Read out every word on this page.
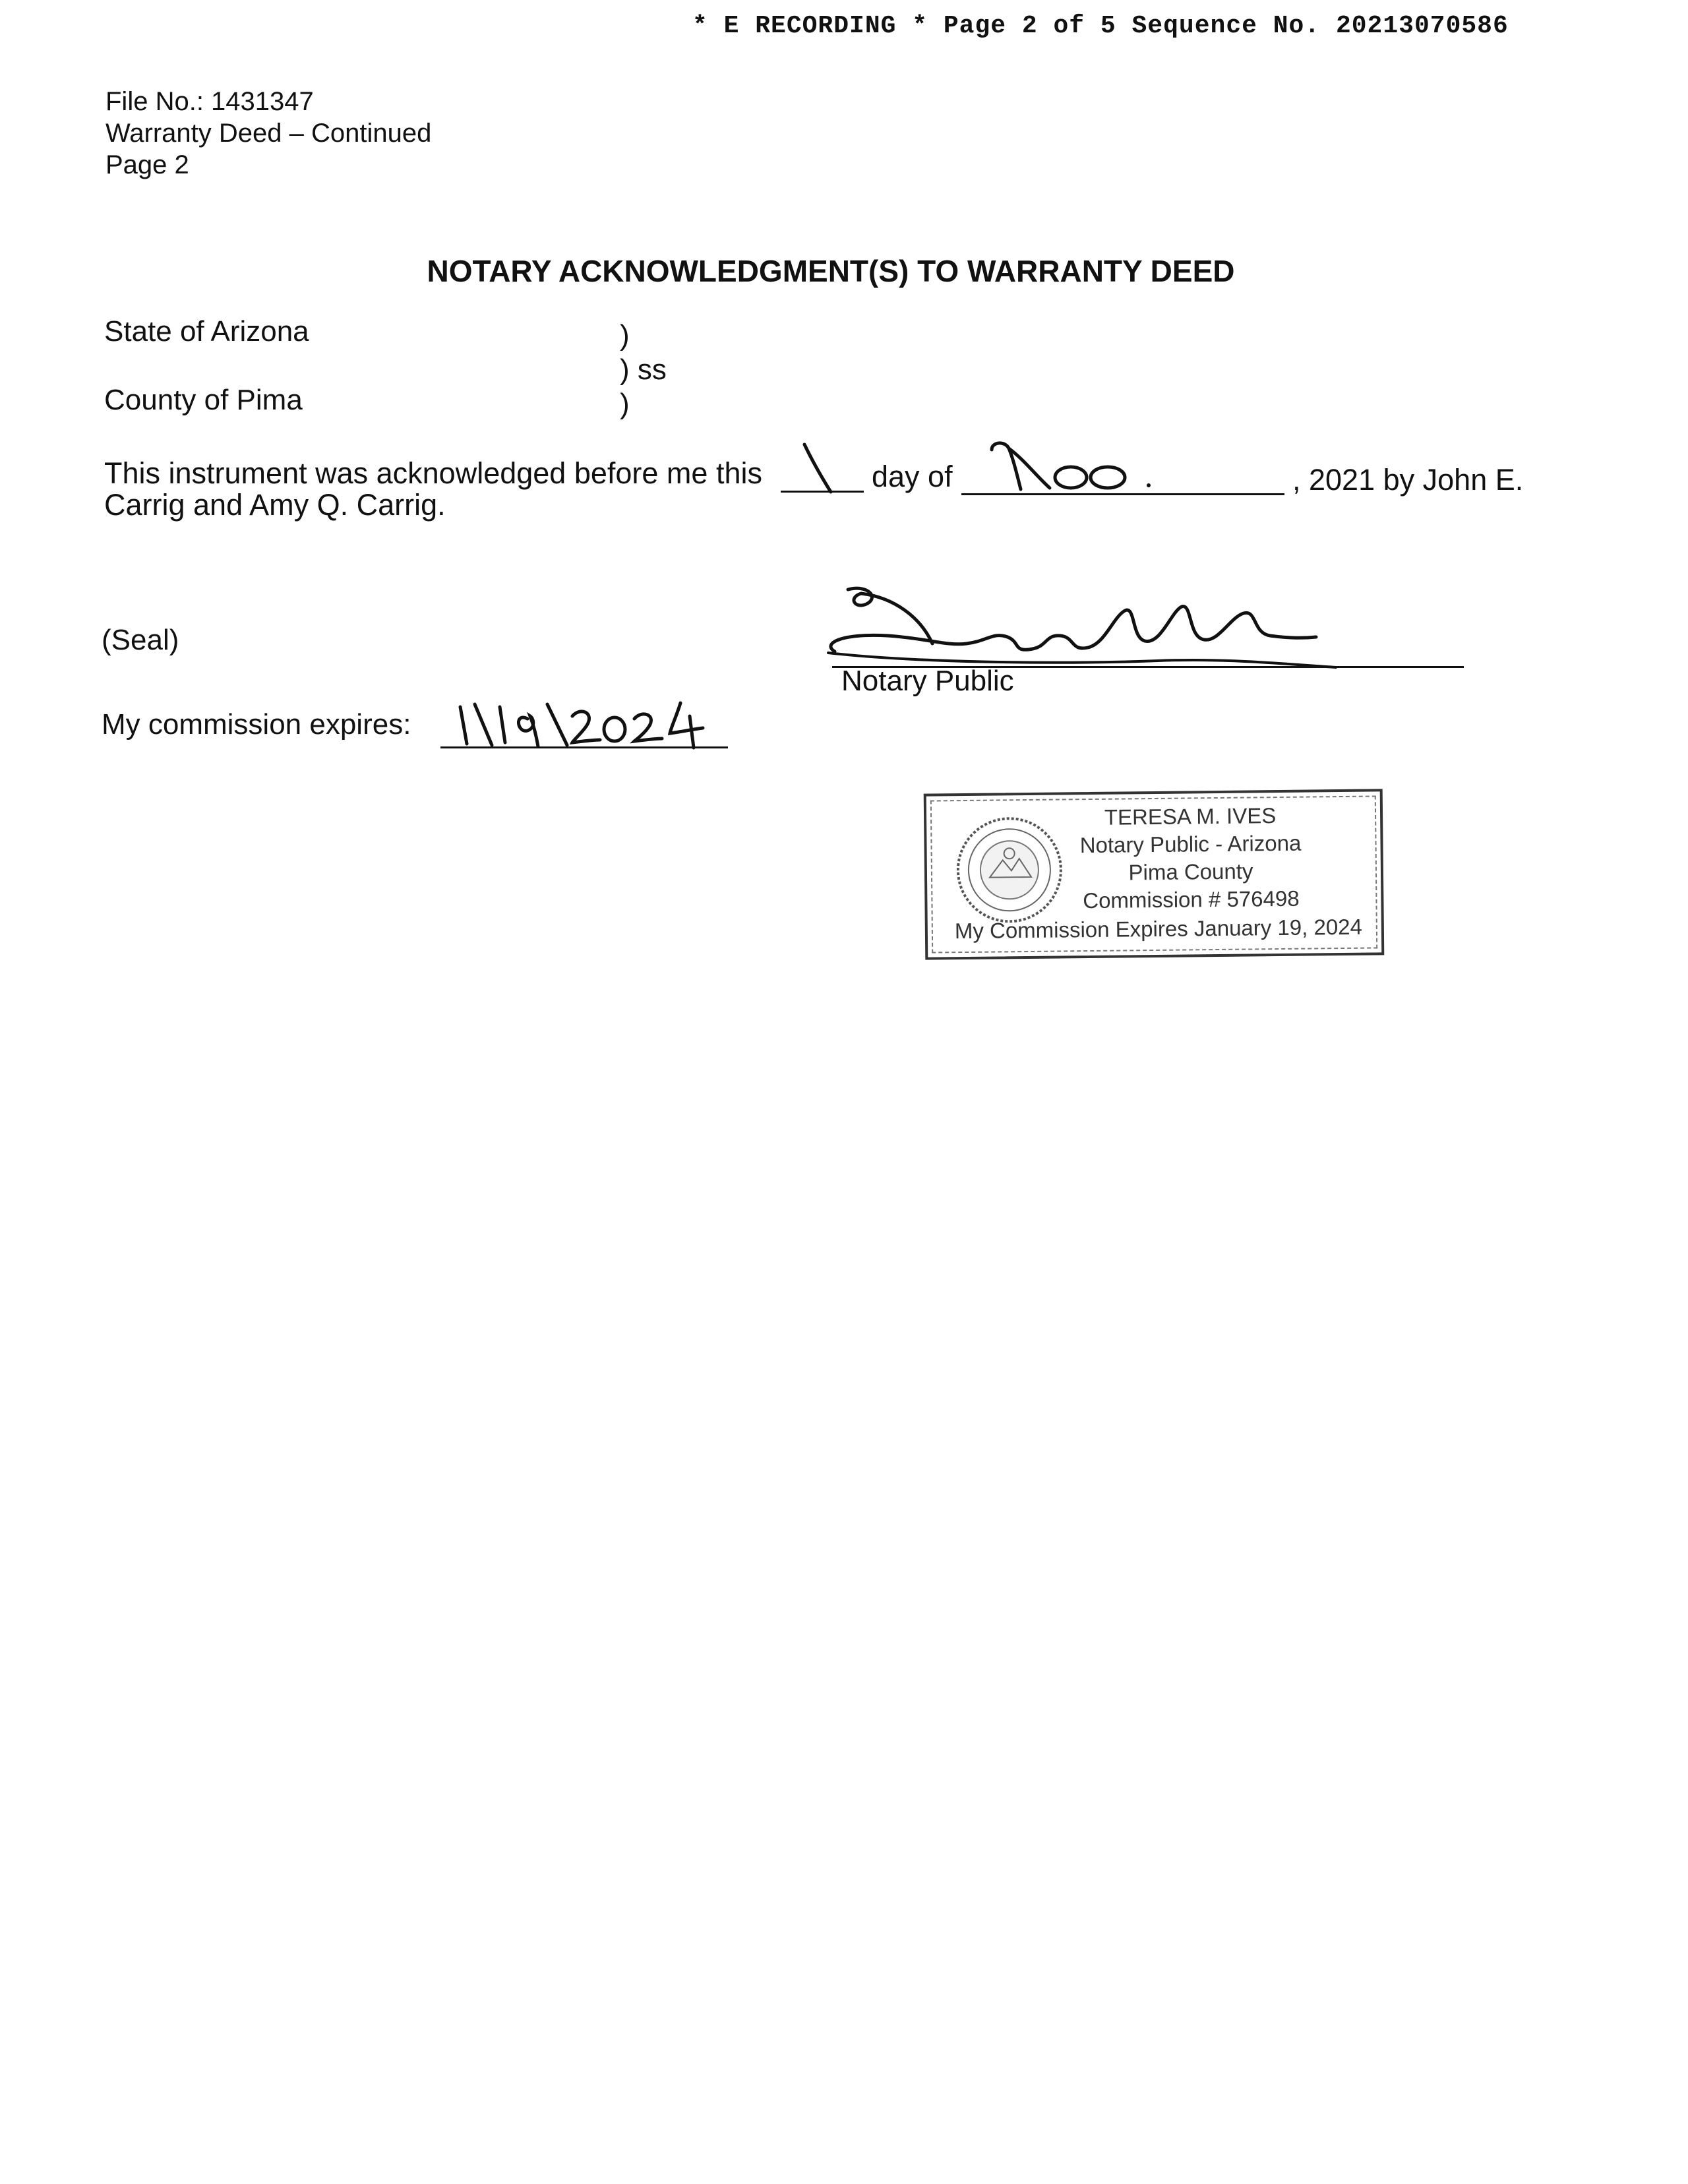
* E RECORDING * Page 2 of 5 Sequence No. 20213070586
File No.: 1431347
Warranty Deed – Continued
Page 2
NOTARY ACKNOWLEDGMENT(S) TO WARRANTY DEED
State of Arizona
County of Pima
)
) ss
)
This instrument was acknowledged before me this	day of	, 2021 by John E.
Carrig and Amy Q. Carrig.
(Seal)
Notary Public
My commission expires:
TERESA M. IVES
Notary Public - Arizona
Pima County
Commission # 576498
My Commission Expires January 19, 2024
